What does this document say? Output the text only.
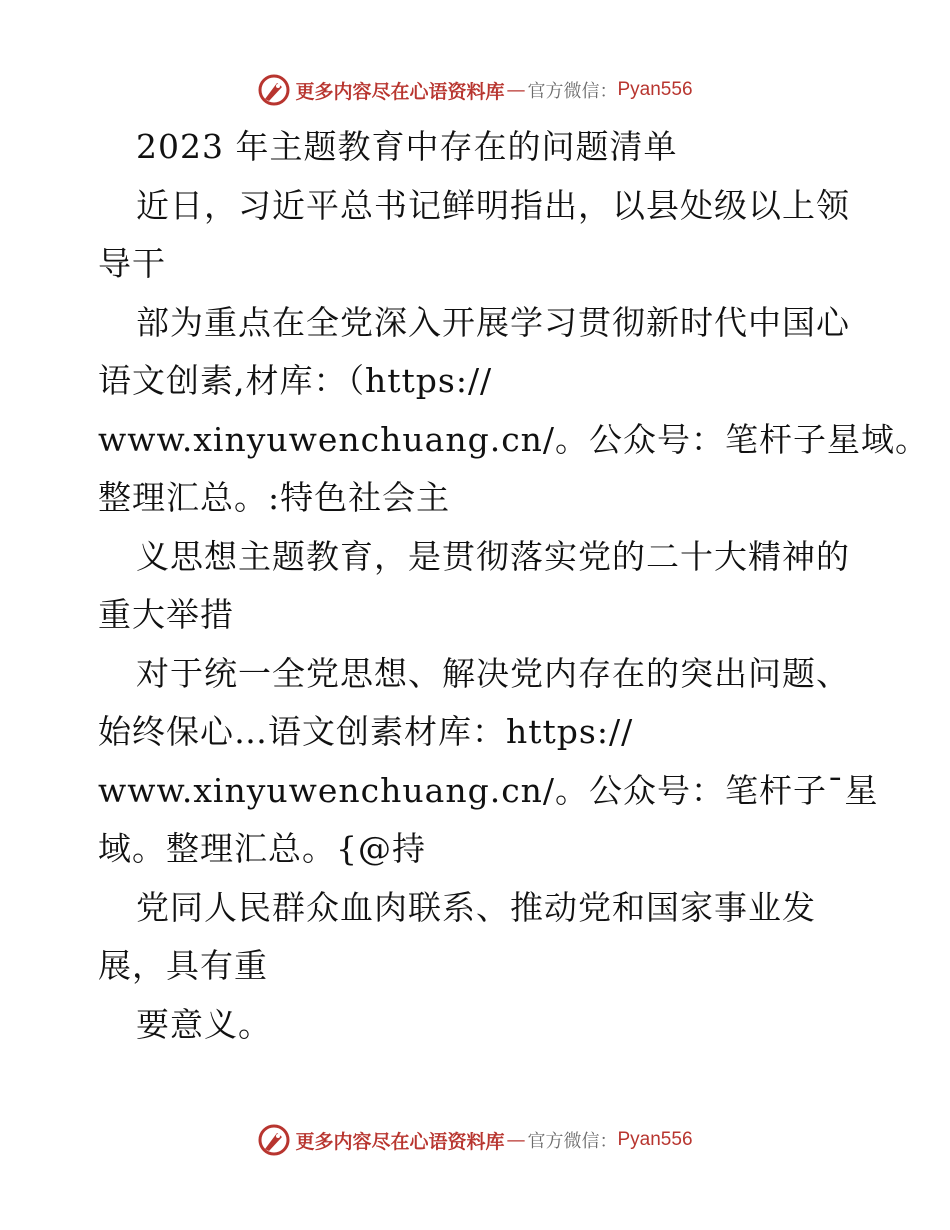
更多内容尽在心语资料库 — 官方微信： Pyan556
2023 年主题教育中存在的问题清单
近日，习近平总书记鲜明指出，以县处级以上领
导干
部为重点在全党深入开展学习贯彻新时代中国心
语文创素,材库：（https://
www.xinyuwenchuang.cn/。公众号：笔杆子星域。
整理汇总。:特色社会主
义思想主题教育，是贯彻落实党的二十大精神的
重大举措
对于统一全党思想、解决党内存在的突出问题、
始终保心…语文创素材库：https://
www.xinyuwenchuang.cn/。公众号：笔杆子¯星
域。整理汇总。{@持
党同人民群众血肉联系、推动党和国家事业发
展，具有重
要意义。
更多内容尽在心语资料库 — 官方微信： Pyan556
